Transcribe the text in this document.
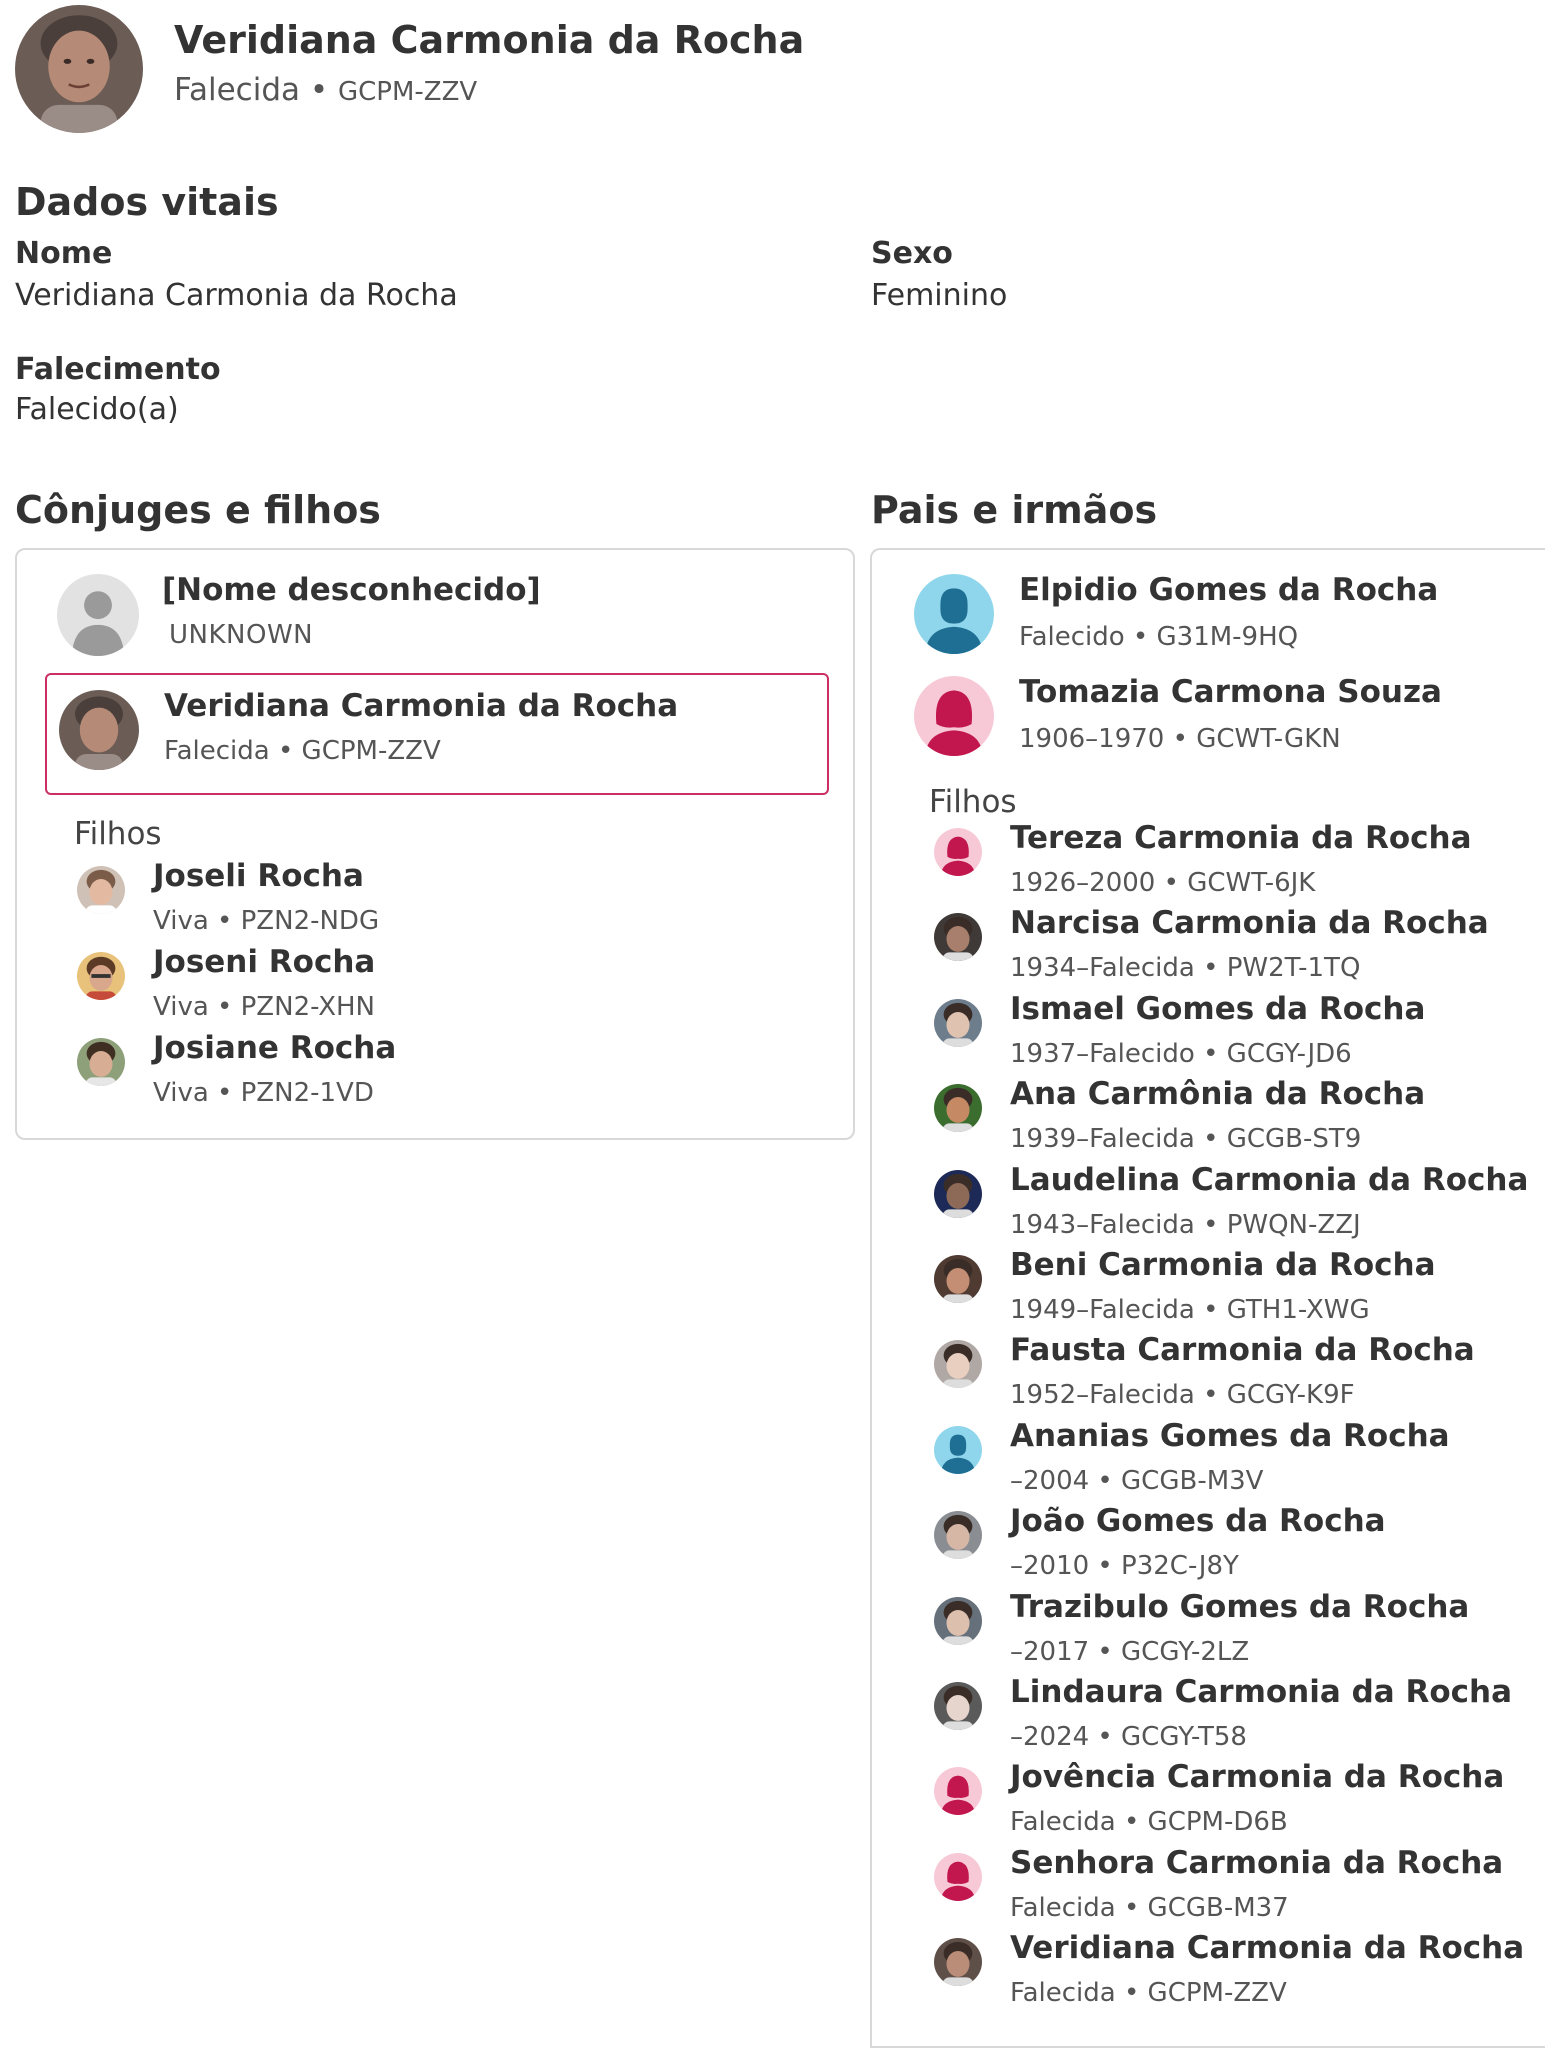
Veridiana Carmonia da Rocha
Falecida • GCPM-ZZV
Dados vitais
Nome
Veridiana Carmonia da Rocha
Sexo
Feminino
Falecimento
Falecido(a)
Cônjuges e filhos
[Nome desconhecido]
UNKNOWN
Veridiana Carmonia da Rocha
Falecida • GCPM-ZZV
Filhos
Joseli Rocha
Viva • PZN2-NDG
Joseni Rocha
Viva • PZN2-XHN
Josiane Rocha
Viva • PZN2-1VD
Pais e irmãos
Elpidio Gomes da Rocha
Falecido • G31M-9HQ
Tomazia Carmona Souza
1906–1970 • GCWT-GKN
Filhos
Tereza Carmonia da Rocha
1926–2000 • GCWT-6JK
Narcisa Carmonia da Rocha
1934–Falecida • PW2T-1TQ
Ismael Gomes da Rocha
1937–Falecido • GCGY-JD6
Ana Carmônia da Rocha
1939–Falecida • GCGB-ST9
Laudelina Carmonia da Rocha
1943–Falecida • PWQN-ZZJ
Beni Carmonia da Rocha
1949–Falecida • GTH1-XWG
Fausta Carmonia da Rocha
1952–Falecida • GCGY-K9F
Ananias Gomes da Rocha
–2004 • GCGB-M3V
João Gomes da Rocha
–2010 • P32C-J8Y
Trazibulo Gomes da Rocha
–2017 • GCGY-2LZ
Lindaura Carmonia da Rocha
–2024 • GCGY-T58
Jovência Carmonia da Rocha
Falecida • GCPM-D6B
Senhora Carmonia da Rocha
Falecida • GCGB-M37
Veridiana Carmonia da Rocha
Falecida • GCPM-ZZV
